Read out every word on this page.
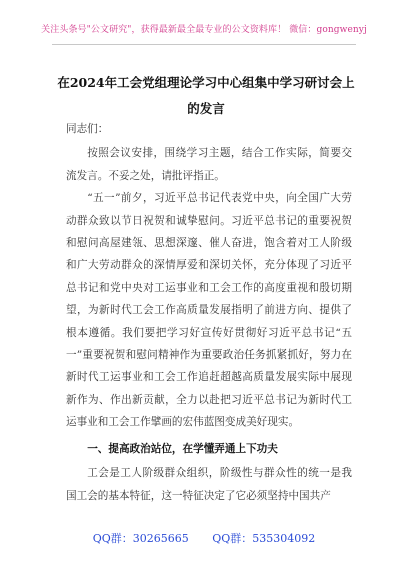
关注头条号"公文研究"，获得最新最全最专业的公文资料库！ 微信：gongwenyj
在2024年工会党组理论学习中心组集中学习研讨会上的发言

同志们：

按照会议安排，围绕学习主题，结合工作实际，简要交流发言。不妥之处，请批评指正。

“五一”前夕，习近平总书记代表党中央，向全国广大劳动群众致以节日祝贺和诚挚慰问。习近平总书记的重要祝贺和慰问高屋建瓴、思想深邃、催人奋进，饱含着对工人阶级和广大劳动群众的深情厚爱和深切关怀，充分体现了习近平总书记和党中央对工运事业和工会工作的高度重视和殷切期望，为新时代工会工作高质量发展指明了前进方向、提供了根本遵循。我们要把学习好宣传好贯彻好习近平总书记“五一”重要祝贺和慰问精神作为重要政治任务抓紧抓好，努力在新时代工运事业和工会工作追赶超越高质量发展实际中展现新作为、作出新贡献，全力以赴把习近平总书记为新时代工运事业和工会工作擘画的宏伟蓝图变成美好现实。

一、提高政治站位，在学懂弄通上下功夫

工会是工人阶级群众组织，阶级性与群众性的统一是我国工会的基本特征，这一特征决定了它必须坚持中国共产

QQ群：30265665 QQ群：535304092
